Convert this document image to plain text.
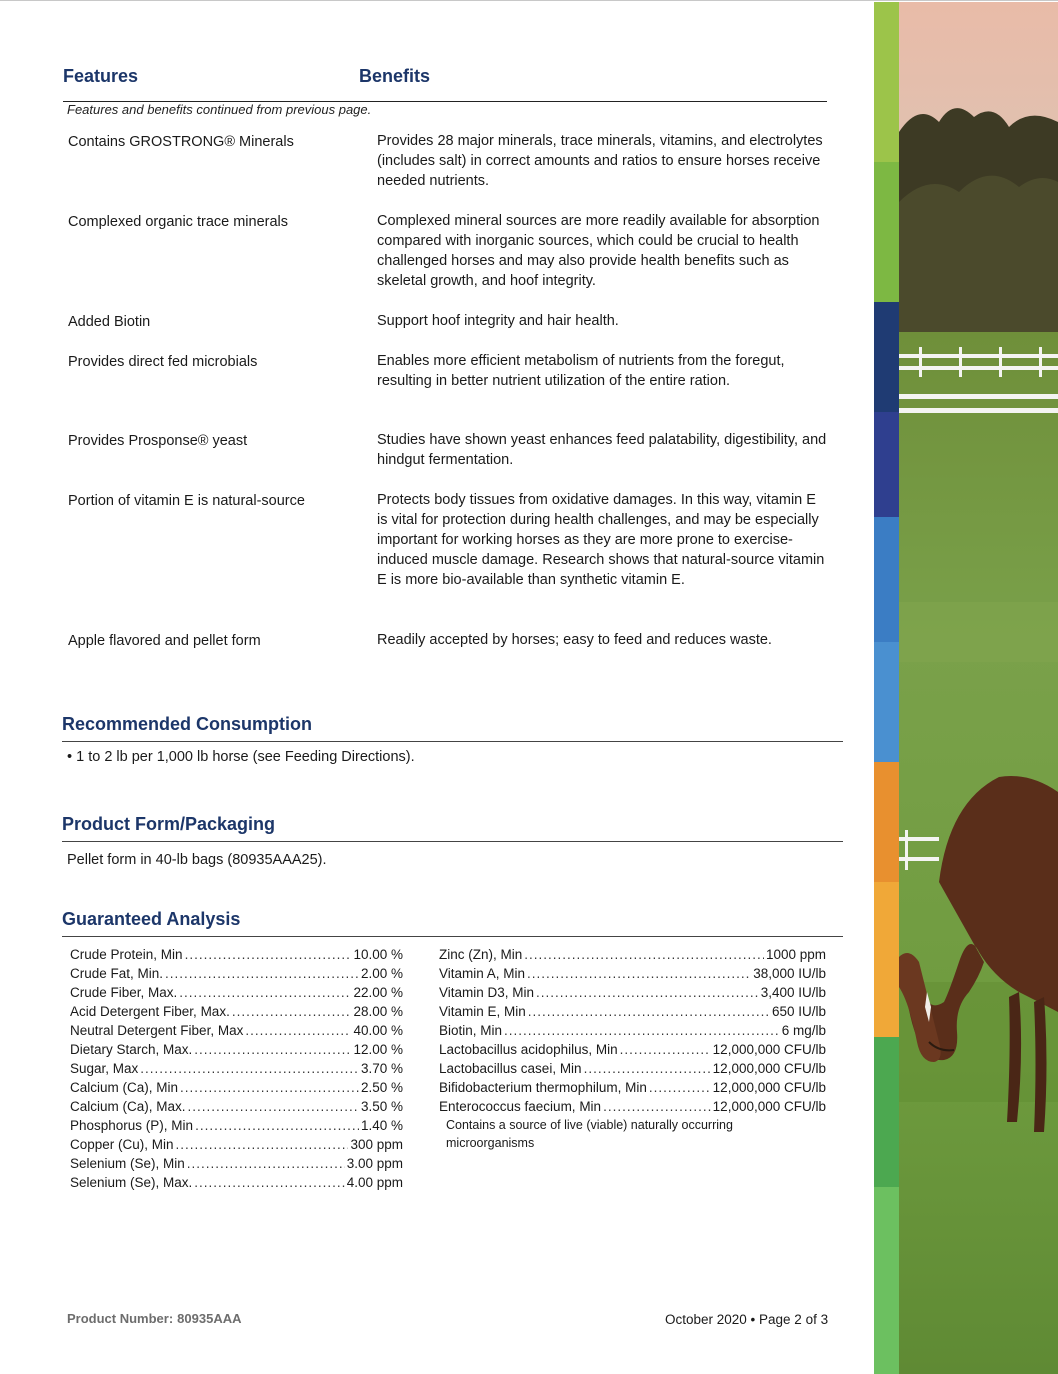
Features	Benefits
Features and benefits continued from previous page.
Contains GROSTRONG® Minerals	Provides 28 major minerals, trace minerals, vitamins, and electrolytes (includes salt) in correct amounts and ratios to ensure horses receive needed nutrients.
Complexed organic trace minerals	Complexed mineral sources are more readily available for absorption compared with inorganic sources, which could be crucial to health challenged horses and may also provide health benefits such as skeletal growth, and hoof integrity.
Added Biotin	Support hoof integrity and hair health.
Provides direct fed microbials	Enables more efficient metabolism of nutrients from the foregut, resulting in better nutrient utilization of the entire ration.
Provides Prosponse® yeast	Studies have shown yeast enhances feed palatability, digestibility, and hindgut fermentation.
Portion of vitamin E is natural-source	Protects body tissues from oxidative damages. In this way, vitamin E is vital for protection during health challenges, and may be especially important for working horses as they are more prone to exercise-induced muscle damage. Research shows that natural-source vitamin E is more bio-available than synthetic vitamin E.
Apple flavored and pellet form	Readily accepted by horses; easy to feed and reduces waste.
Recommended Consumption
• 1 to 2 lb per 1,000 lb horse (see Feeding Directions).
Product Form/Packaging
Pellet form in 40-lb bags (80935AAA25).
Guaranteed Analysis
Crude Protein, Min .....	10.00 %
Crude Fat, Min. .....	2.00 %
Crude Fiber, Max. .....	22.00 %
Acid Detergent Fiber, Max. .....	28.00 %
Neutral Detergent Fiber, Max .....	40.00 %
Dietary Starch, Max. .....	12.00 %
Sugar, Max .....	3.70 %
Calcium (Ca), Min .....	2.50 %
Calcium (Ca), Max. .....	3.50 %
Phosphorus (P), Min .....	1.40 %
Copper (Cu), Min .....	300 ppm
Selenium (Se), Min .....	3.00 ppm
Selenium (Se), Max. .....	4.00 ppm
Zinc (Zn), Min .....	1000 ppm
Vitamin A, Min .....	38,000 IU/lb
Vitamin D3, Min .....	3,400 IU/lb
Vitamin E, Min .....	650 IU/lb
Biotin, Min .....	6 mg/lb
Lactobacillus acidophilus, Min .....	12,000,000 CFU/lb
Lactobacillus casei, Min .....	12,000,000 CFU/lb
Bifidobacterium thermophilum, Min .....	12,000,000 CFU/lb
Enterococcus faecium, Min .....	12,000,000 CFU/lb
Contains a source of live (viable) naturally occurring microorganisms
Product Number: 80935AAA	October 2020 • Page 2 of 3
